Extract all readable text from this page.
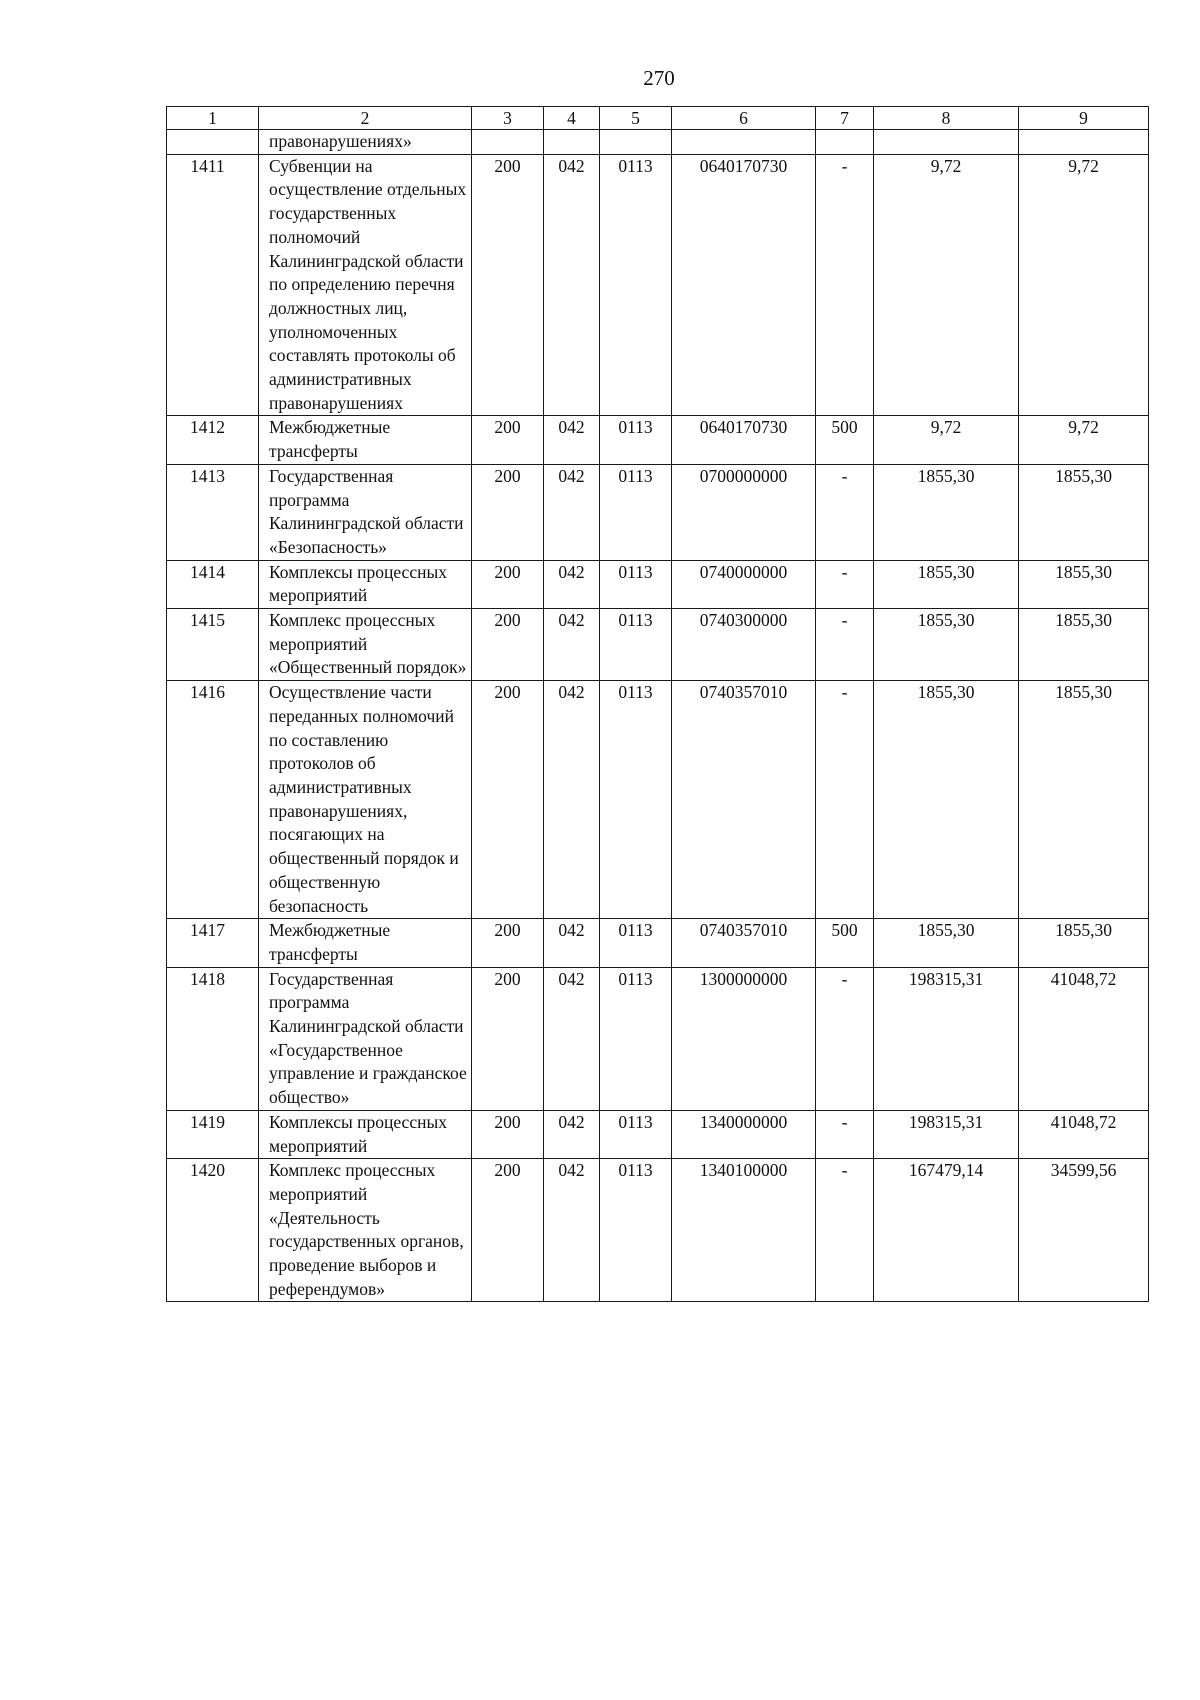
270
1	2	3	4	5	6	7	8	9
	правонарушениях»							
1411	Субвенции на осуществление отдельных государственных полномочий Калининградской области по определению перечня должностных лиц, уполномоченных составлять протоколы об административных правонарушениях	200	042	0113	0640170730	-	9,72	9,72
1412	Межбюджетные трансферты	200	042	0113	0640170730	500	9,72	9,72
1413	Государственная программа Калининградской области «Безопасность»	200	042	0113	0700000000	-	1855,30	1855,30
1414	Комплексы процессных мероприятий	200	042	0113	0740000000	-	1855,30	1855,30
1415	Комплекс процессных мероприятий «Общественный порядок»	200	042	0113	0740300000	-	1855,30	1855,30
1416	Осуществление части переданных полномочий по составлению протоколов об административных правонарушениях, посягающих на общественный порядок и общественную безопасность	200	042	0113	0740357010	-	1855,30	1855,30
1417	Межбюджетные трансферты	200	042	0113	0740357010	500	1855,30	1855,30
1418	Государственная программа Калининградской области «Государственное управление и гражданское общество»	200	042	0113	1300000000	-	198315,31	41048,72
1419	Комплексы процессных мероприятий	200	042	0113	1340000000	-	198315,31	41048,72
1420	Комплекс процессных мероприятий «Деятельность государственных органов, проведение выборов и референдумов»	200	042	0113	1340100000	-	167479,14	34599,56
